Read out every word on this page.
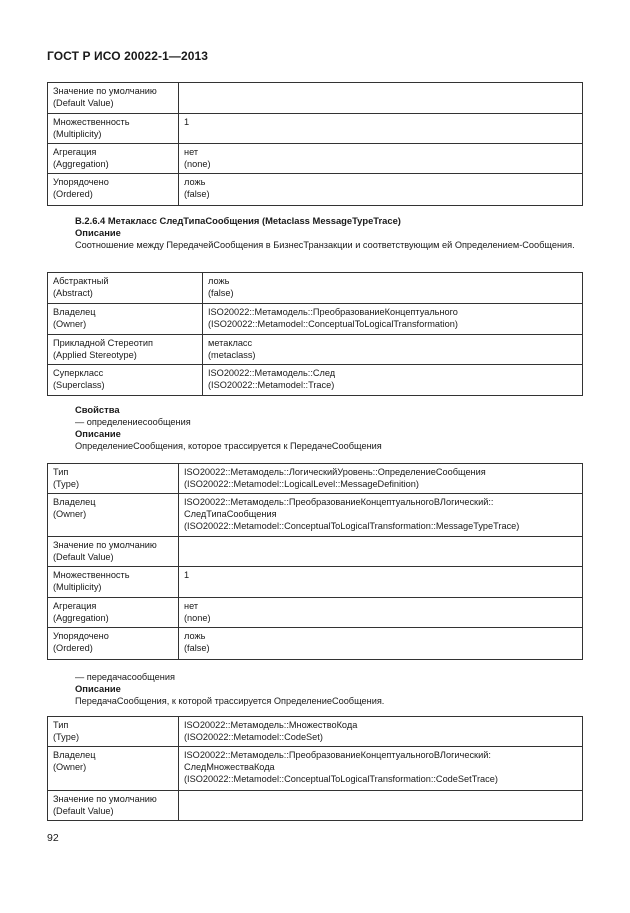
ГОСТ Р ИСО 20022-1—2013
Значение по умолчанию
(Default Value)	

Множественность
(Multiplicity)	1

Агрегация
(Aggregation)	нет
(none)

Упорядочено
(Ordered)	ложь
(false)
B.2.6.4 Метакласс СледТипаСообщения (Metaclass MessageTypeTrace)
Описание
Соотношение между ПередачейСообщения в БизнесТранзакции и соответствующим ей Определением-Сообщения.
Абстрактный
(Abstract)	ложь
(false)

Владелец
(Owner)	ISO20022::Метамодель::ПреобразованиеКонцептуального
(ISO20022::Metamodel::ConceptualToLogicalTransformation)

Прикладной Стереотип
(Applied Stereotype)	метакласс
(metaclass)

Суперкласс
(Superclass)	ISO20022::Метамодель::След
(ISO20022::Metamodel::Trace)
Свойства
— определениесообщения
Описание
ОпределениеСообщения, которое трассируется к ПередачеСообщения
Тип
(Type)	ISO20022::Метамодель::ЛогическийУровень::ОпределениеСообщения
(ISO20022::Metamodel::LogicalLevel::MessageDefinition)

Владелец
(Owner)	ISO20022::Метамодель::ПреобразованиеКонцептуальногоВЛогический::
СледТипаСообщения
(ISO20022::Metamodel::ConceptualToLogicalTransformation::MessageTypeTrace)

Значение по умолчанию
(Default Value)	

Множественность
(Multiplicity)	1

Агрегация
(Aggregation)	нет
(none)

Упорядочено
(Ordered)	ложь
(false)
— передачасообщения
Описание
ПередачаСообщения, к которой трассируется ОпределениеСообщения.
Тип
(Type)	ISO20022::Метамодель::МножествоКода
(ISO20022::Metamodel::CodeSet)

Владелец
(Owner)	ISO20022::Метамодель::ПреобразованиеКонцептуальногоВЛогический:
СледМножестваКода
(ISO20022::Metamodel::ConceptualToLogicalTransformation::CodeSetTrace)

Значение по умолчанию
(Default Value)	

92
